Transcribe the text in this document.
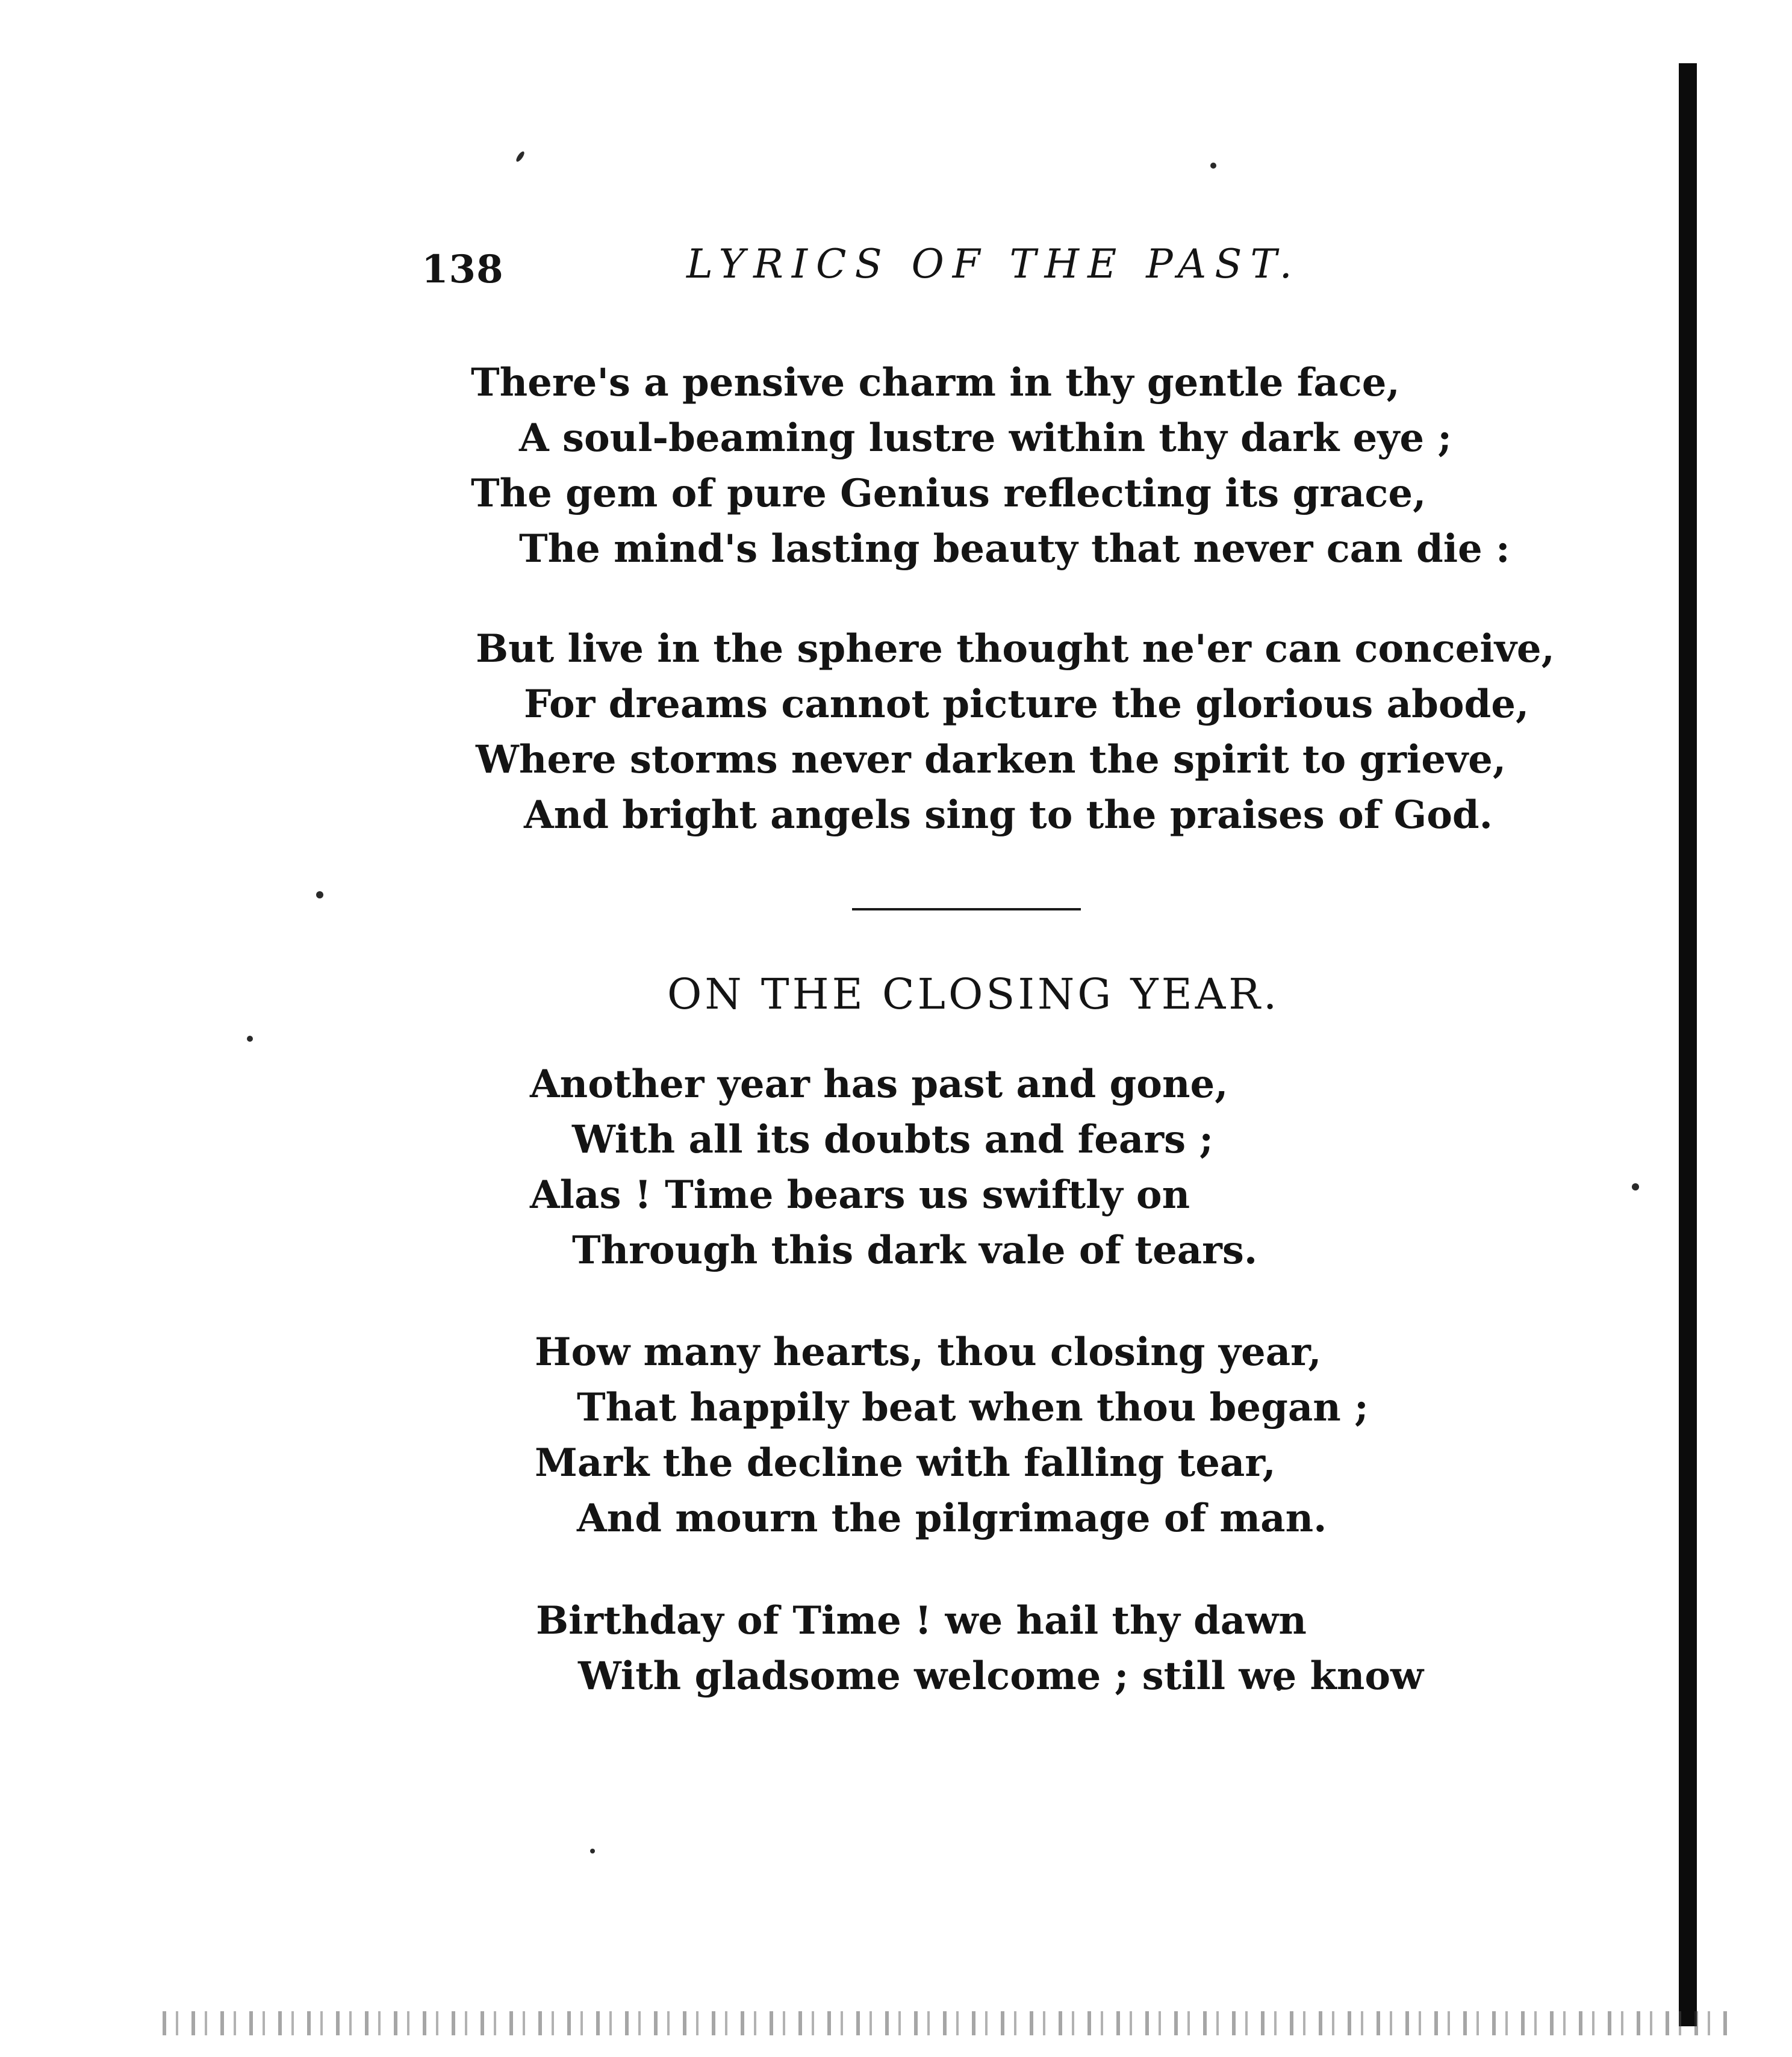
138	LYRICS OF THE PAST.
There's a pensive charm in thy gentle face,
A soul-beaming lustre within thy dark eye ;
The gem of pure Genius reflecting its grace,
The mind's lasting beauty that never can die :
But live in the sphere thought ne'er can conceive,
For dreams cannot picture the glorious abode,
Where storms never darken the spirit to grieve,
And bright angels sing to the praises of God.
ON THE CLOSING YEAR.
Another year has past and gone,
With all its doubts and fears ;
Alas ! Time bears us swiftly on
Through this dark vale of tears.
How many hearts, thou closing year,
That happily beat when thou began ;
Mark the decline with falling tear,
And mourn the pilgrimage of man.
Birthday of Time ! we hail thy dawn
With gladsome welcome ; still we know
